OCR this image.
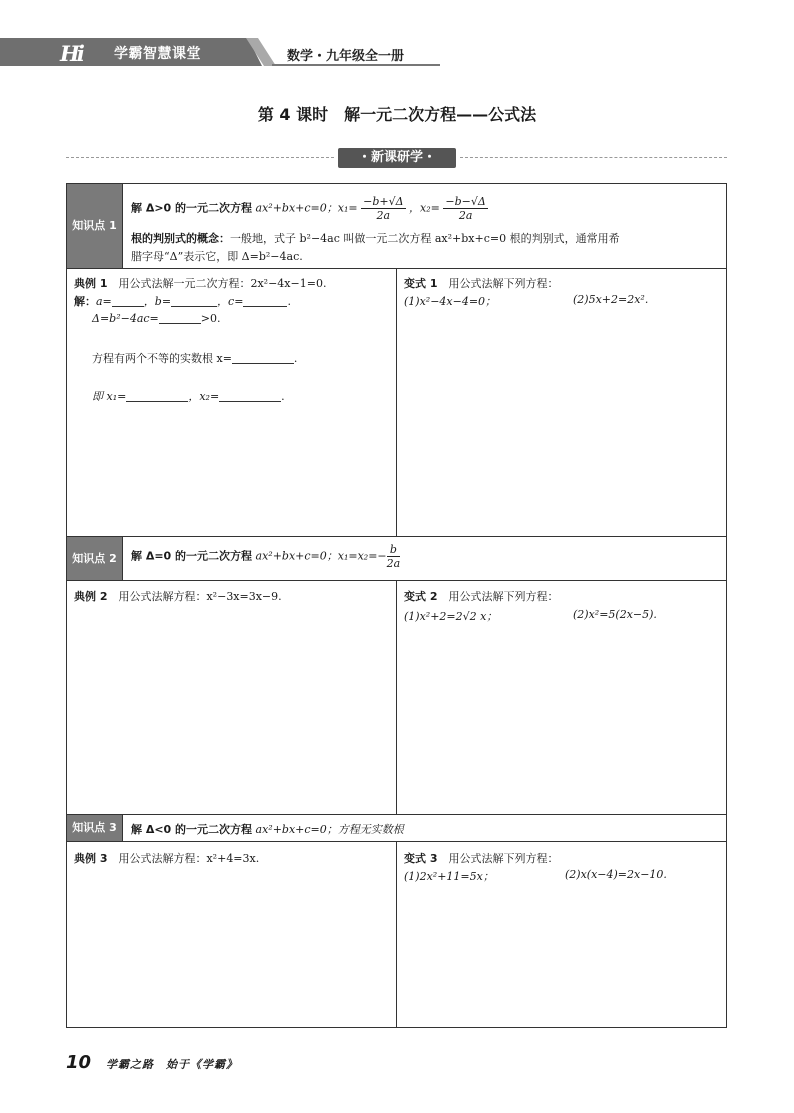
Hi 学霸智慧课堂	数学・九年级全一册
第 4 课时　解一元二次方程——公式法
・新课研学・
知识点 1
解 Δ>0 的一元二次方程 ax²+bx+c=0；$x_1= \frac{-b+√\Delta}{2a}$ ，$x_2= \frac{-b-√\Delta}{2a}$
根的判别式的概念：一般地，式子 b²−4ac 叫做一元二次方程 ax²+bx+c=0 根的判别式，通常用希
腊字母“Δ”表示它，即 Δ=b²−4ac.
典例 1　 用公式法解一元二次方程：2x²−4x−1=0.
解：a=	，b=	，c=	.
Δ=b²−4ac=	>0.
方程有两个不等的实数根 x=	.
即 x₁=	，x₂=	.
变式 1　 用公式法解下列方程：
(1)x²−4x−4=0；	(2)5x+2=2x².
知识点 2	解 Δ=0 的一元二次方程 ax²+bx+c=0；$x_1=x_2=- \frac{b}{2a}$
典例 2　 用公式法解方程：x²−3x=3x−9.	变式 2　 用公式法解下列方程：
(1)x²+2=2√2 x；	(2)x²=5(2x−5).
知识点 3	解 Δ<0 的一元二次方程 ax²+bx+c=0；方程无实数根
典例 3　 用公式法解方程：x²+4=3x.	变式 3　 用公式法解下列方程：
(1)2x²+11=5x；	(2)x(x−4)=2x−10.
10 学霸之路　始于《学霸》
